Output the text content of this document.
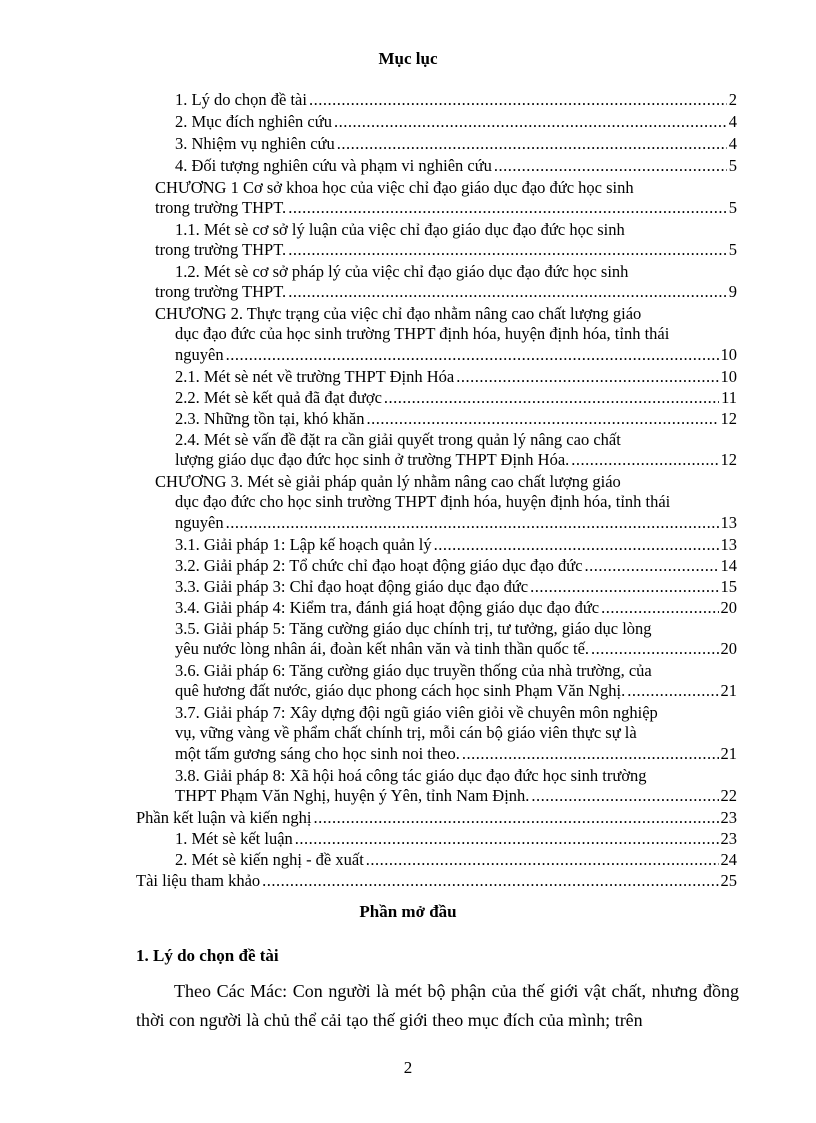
Mục lục
1. Lý do chọn đề tài .....	2
2. Mục đích nghiên cứu .....	4
3. Nhiệm vụ nghiên cứu .....	4
4. Đối tượng nghiên cứu và phạm vi nghiên cứu .....	5
CHƯƠNG 1 Cơ sở khoa học của việc chỉ đạo giáo dục đạo đức học sinh
trong trường THPT. .....	5
1.1. Mét sè cơ sở lý luận của việc chỉ đạo giáo dục đạo đức học sinh
trong trường THPT. .....	5
1.2. Mét sè cơ sở pháp lý của việc chỉ đạo giáo dục đạo đức học sinh
trong trường THPT. .....	9
CHƯƠNG 2. Thực trạng của việc chỉ đạo nhằm nâng cao chất lượng giáo
dục đạo đức của học sinh trường THPT định hóa, huyện định hóa, tỉnh thái
nguyên .....	10
2.1. Mét sè nét về trường THPT Định Hóa .....	10
2.2. Mét sè kết quả đã đạt được .....	11
2.3. Những tồn tại, khó khăn .....	12
2.4. Mét sè vấn đề đặt ra cần giải quyết trong quản lý nâng cao chất
lượng giáo dục đạo đức học sinh ở trường THPT Định Hóa. .....	12
CHƯƠNG 3. Mét sè giải pháp quản lý nhằm nâng cao chất lượng giáo
dục đạo đức cho học sinh trường THPT định hóa, huyện định hóa, tỉnh thái
nguyên .....	13
3.1. Giải pháp 1: Lập kế hoạch quản lý .....	13
3.2. Giải pháp 2: Tổ chức chỉ đạo hoạt động giáo dục đạo đức .....	14
3.3. Giải pháp 3: Chỉ đạo hoạt động giáo dục đạo đức .....	15
3.4. Giải pháp 4: Kiểm tra, đánh giá hoạt động giáo dục đạo đức .....	20
3.5. Giải pháp 5: Tăng cường giáo dục chính trị, tư tưởng, giáo dục lòng
yêu nước lòng nhân ái, đoàn kết nhân văn và tinh thần quốc tế. .....	20
3.6. Giải pháp 6: Tăng cường giáo dục truyền thống của nhà trường, của
quê hương đất nước, giáo dục phong cách học sinh Phạm Văn Nghị. .....	21
3.7. Giải pháp 7: Xây dựng đội ngũ giáo viên giỏi về chuyên môn nghiệp
vụ, vững vàng về phẩm chất chính trị, mỗi cán bộ giáo viên thực sự là
một tấm gương sáng cho học sinh noi theo. .....	21
3.8. Giải pháp 8: Xã hội hoá công tác giáo dục đạo đức học sinh trường
THPT Phạm Văn Nghị, huyện ý Yên, tỉnh Nam Định. .....	22
Phần kết luận và kiến nghị .....	23
1. Mét sè kết luận .....	23
2. Mét sè kiến nghị - đề xuất .....	24
Tài liệu tham khảo .....	25
Phần mở đầu
1. Lý do chọn đề tài
Theo Các Mác: Con người là mét bộ phận của thế giới vật chất, nhưng đồng thời con người là chủ thể cải tạo thế giới theo mục đích của mình; trên
2
